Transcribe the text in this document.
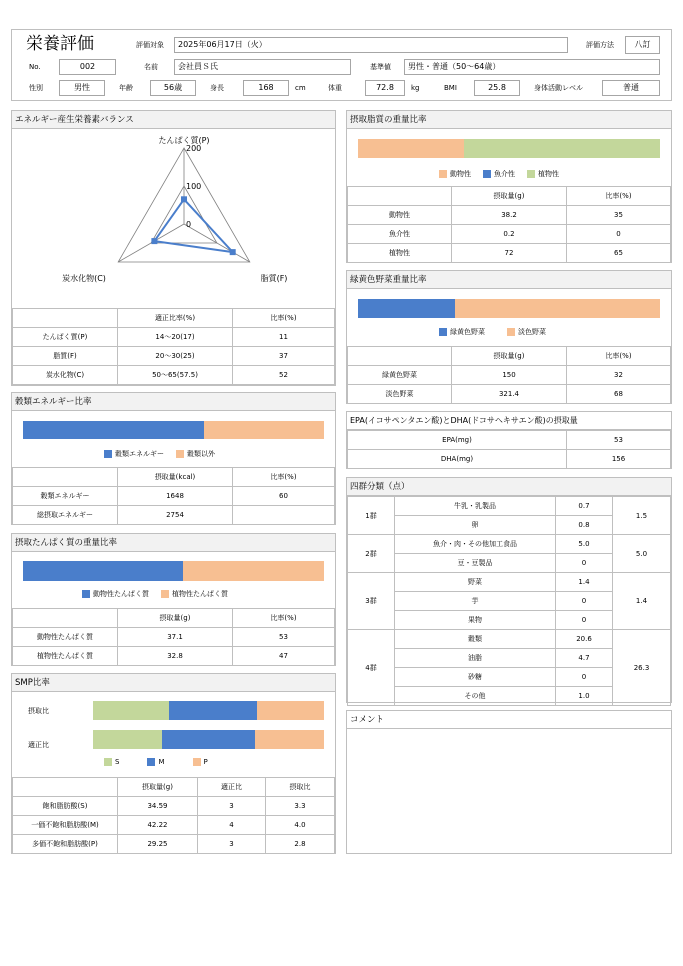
栄養評価	評価対象	2025年06月17日（火）	評価方法	八訂
No.	002	名前	会社員Ｓ氏	基準値	男性・普通（50～64歳）
性別	男性	年齢	56歳	身長	168	cm	体重	72.8	kg	BMI	25.8	身体活動レベル	普通
エネルギー産生栄養素バランス
たんぱく質(P)
脂質(F)
炭水化物(C)
0
100
200
	適正比率(%)	比率(%)
たんぱく質(P)	14～20(17)	11
脂質(F)	20～30(25)	37
炭水化物(C)	50～65(57.5)	52
穀類エネルギー比率
穀類エネルギー	穀類以外
	摂取量(kcal)	比率(%)
穀類エネルギー	1648	60
総摂取エネルギー	2754	
摂取たんぱく質の重量比率
動物性たんぱく質	植物性たんぱく質
	摂取量(g)	比率(%)
動物性たんぱく質	37.1	53
植物性たんぱく質	32.8	47
SMP比率
摂取比
適正比
S	M	P
	摂取量(g)	適正比	摂取比
飽和脂肪酸(S)	34.59	3	3.3
一価不飽和脂肪酸(M)	42.22	4	4.0
多価不飽和脂肪酸(P)	29.25	3	2.8
摂取脂質の重量比率
動物性	魚介性	植物性
	摂取量(g)	比率(%)
動物性	38.2	35
魚介性	0.2	0
植物性	72	65
緑黄色野菜重量比率
緑黄色野菜	淡色野菜
	摂取量(g)	比率(%)
緑黄色野菜	150	32
淡色野菜	321.4	68
EPA(イコサペンタエン酸)とDHA(ドコサヘキサエン酸)の摂取量
EPA(mg)	53
DHA(mg)	156
四群分類（点）
1群	牛乳・乳製品	0.7	1.5
	卵	0.8	
2群	魚介・肉・その他加工食品	5.0	5.0
	豆・豆製品	0	
3群	野菜	1.4	1.4
	芋	0	
	果物	0	
4群	穀類	20.6	26.3
	油脂	4.7	
	砂糖	0	
	その他	1.0	
コメント
